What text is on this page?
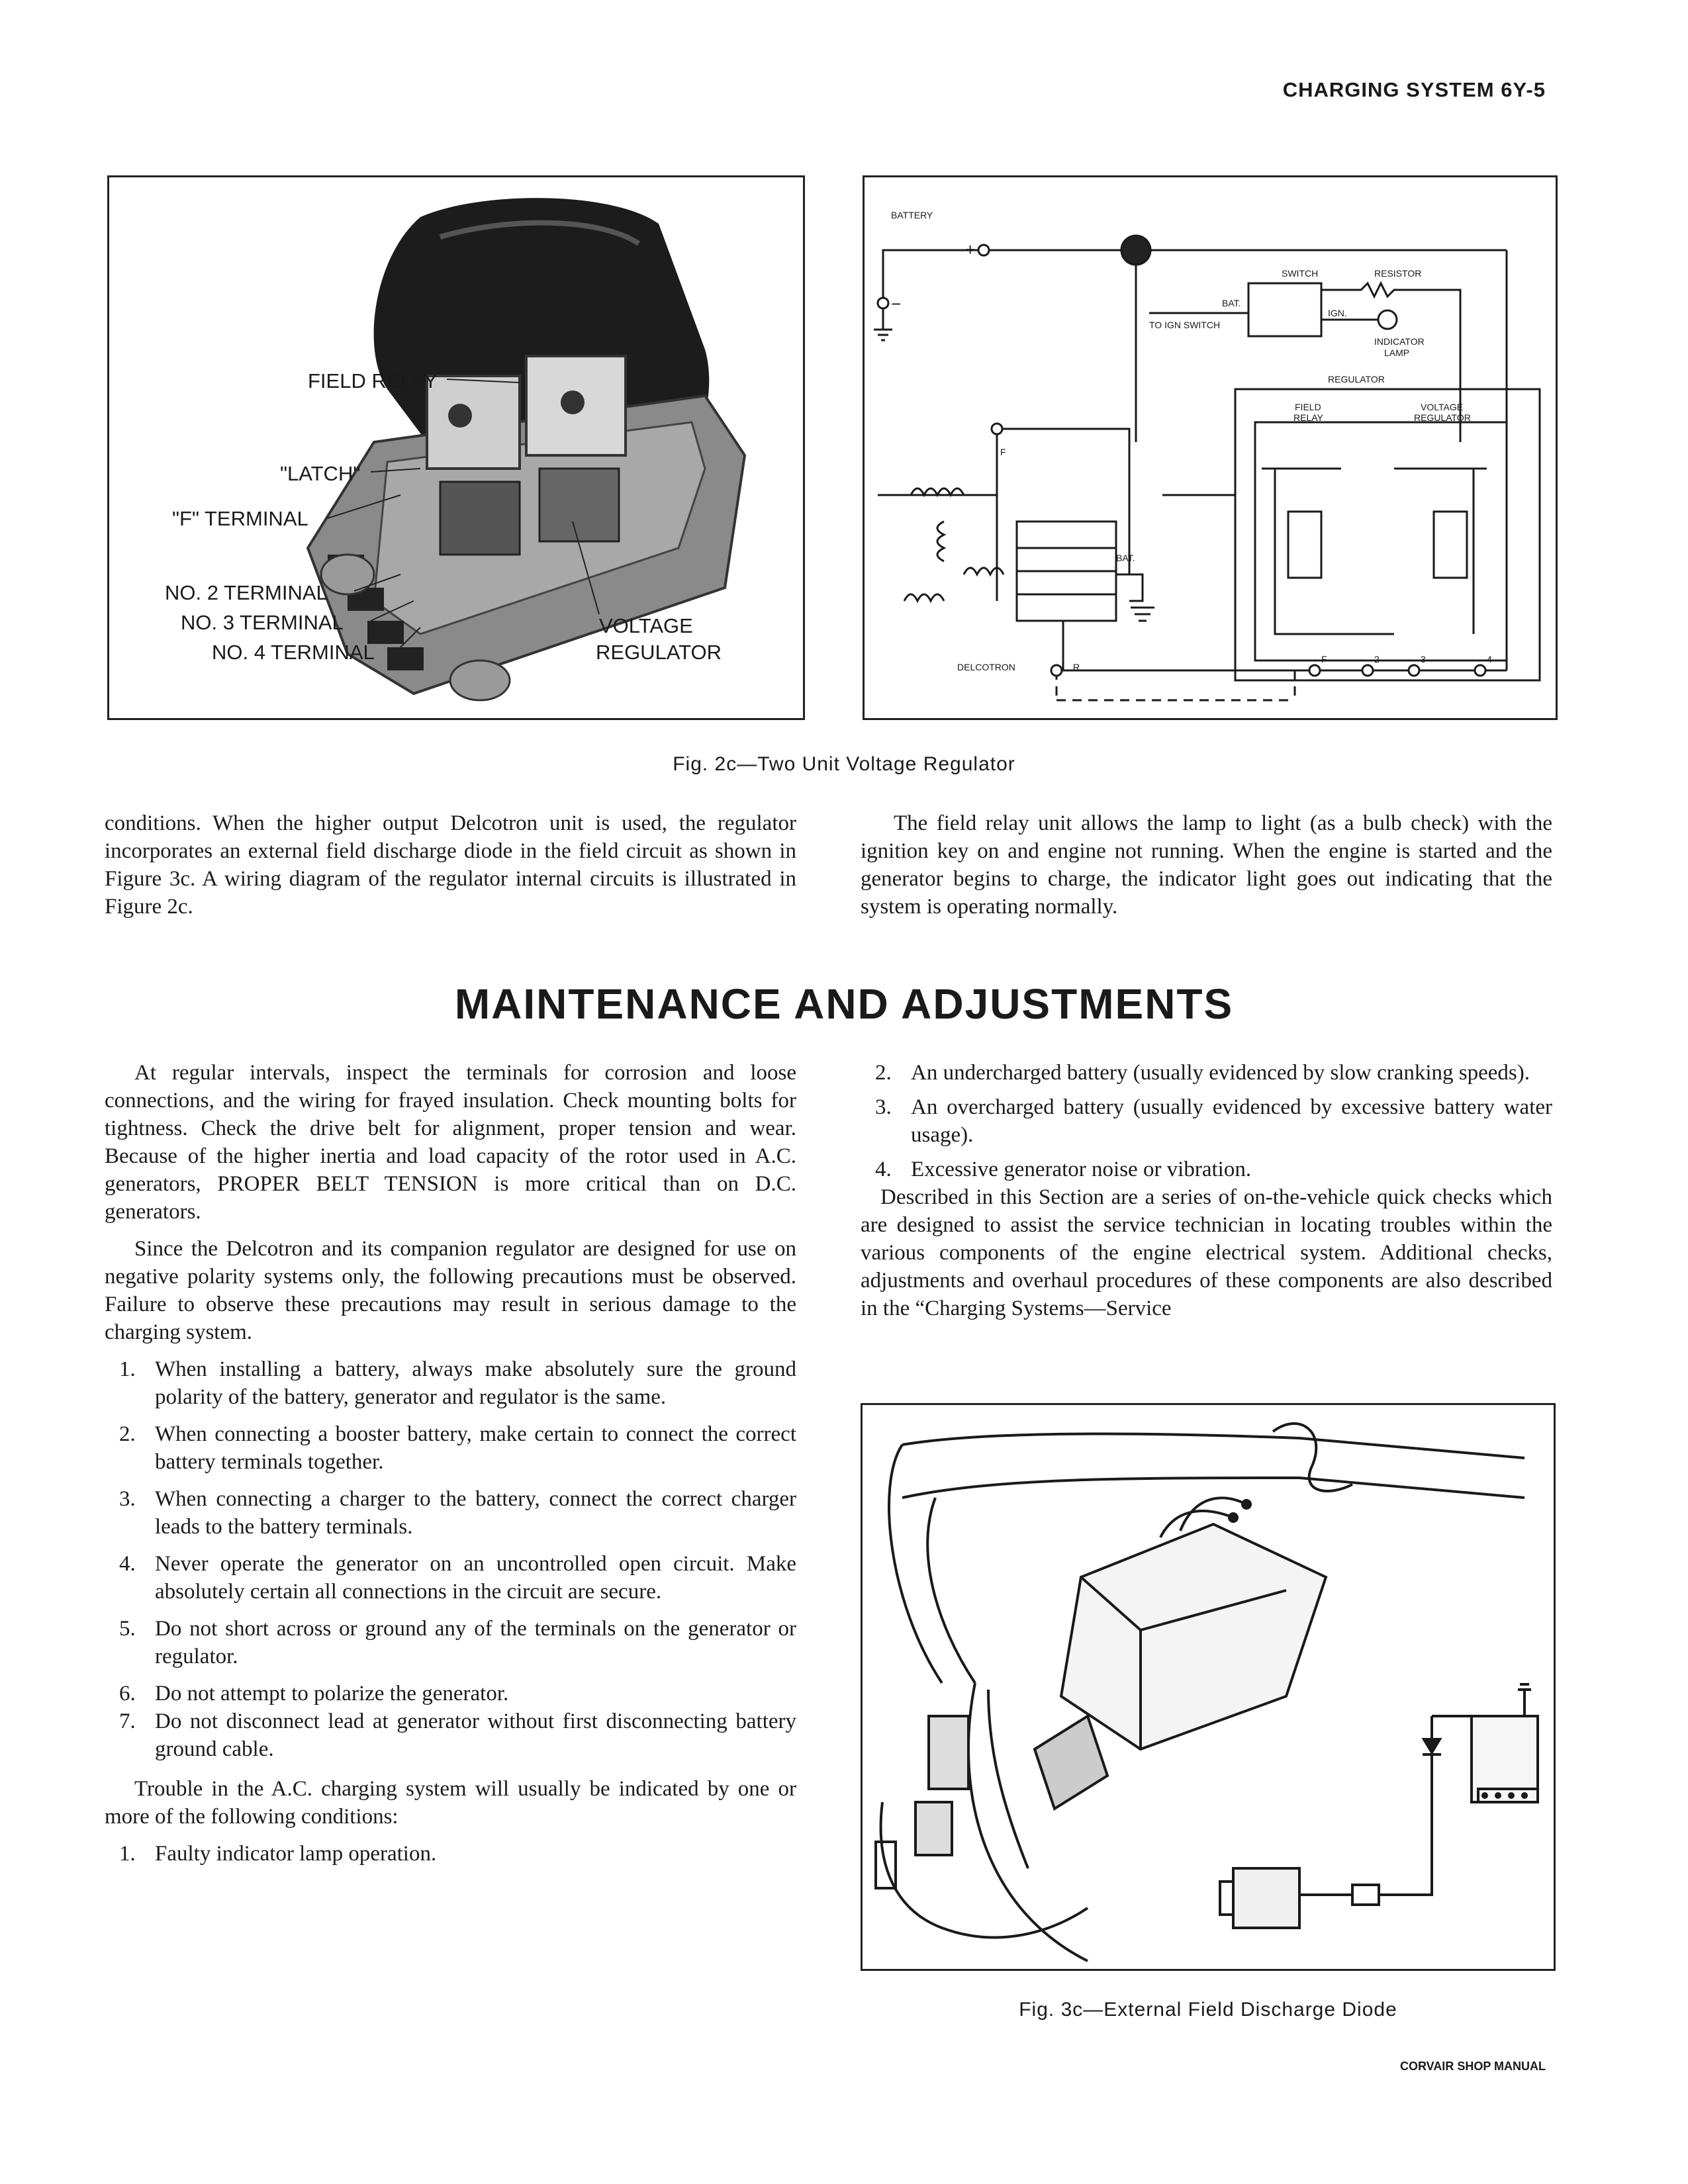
CHARGING SYSTEM 6Y-5
FIELD RELAY
"LATCH"
"F" TERMINAL
NO. 2 TERMINAL
NO. 3 TERMINAL
NO. 4 TERMINAL
VOLTAGE
REGULATOR
BATTERY
+
−
SWITCH	RESISTOR
BAT.
TO IGN SWITCH
IGN.
INDICATOR
LAMP
REGULATOR
FIELD
RELAY
VOLTAGE
REGULATOR
F
BAT.
DELCOTRON	R.
F	2	3	4
Fig. 2c—Two Unit Voltage Regulator

conditions. When the higher output Delcotron unit is used, the regulator incorporates an external field discharge diode in the field circuit as shown in Figure 3c. A wiring diagram of the regulator internal circuits is illustrated in Figure 2c.

The field relay unit allows the lamp to light (as a bulb check) with the ignition key on and engine not running. When the engine is started and the generator begins to charge, the indicator light goes out indicating that the system is operating normally.

MAINTENANCE AND ADJUSTMENTS

At regular intervals, inspect the terminals for corrosion and loose connections, and the wiring for frayed insulation. Check mounting bolts for tightness. Check the drive belt for alignment, proper tension and wear. Because of the higher inertia and load capacity of the rotor used in A.C. generators, PROPER BELT TENSION is more critical than on D.C. generators.

Since the Delcotron and its companion regulator are designed for use on negative polarity systems only, the following precautions must be observed. Failure to observe these precautions may result in serious damage to the charging system.

1. When installing a battery, always make absolutely sure the ground polarity of the battery, generator and regulator is the same.
2. When connecting a booster battery, make certain to connect the correct battery terminals together.
3. When connecting a charger to the battery, connect the correct charger leads to the battery terminals.
4. Never operate the generator on an uncontrolled open circuit. Make absolutely certain all connections in the circuit are secure.
5. Do not short across or ground any of the terminals on the generator or regulator.
6. Do not attempt to polarize the generator.
7. Do not disconnect lead at generator without first disconnecting battery ground cable.

Trouble in the A.C. charging system will usually be indicated by one or more of the following conditions:

1. Faulty indicator lamp operation.
2. An undercharged battery (usually evidenced by slow cranking speeds).
3. An overcharged battery (usually evidenced by excessive battery water usage).
4. Excessive generator noise or vibration.

Described in this Section are a series of on-the-vehicle quick checks which are designed to assist the service technician in locating troubles within the various components of the engine electrical system. Additional checks, adjustments and overhaul procedures of these components are also described in the “Charging Systems—Service

Fig. 3c—External Field Discharge Diode
CORVAIR SHOP MANUAL
